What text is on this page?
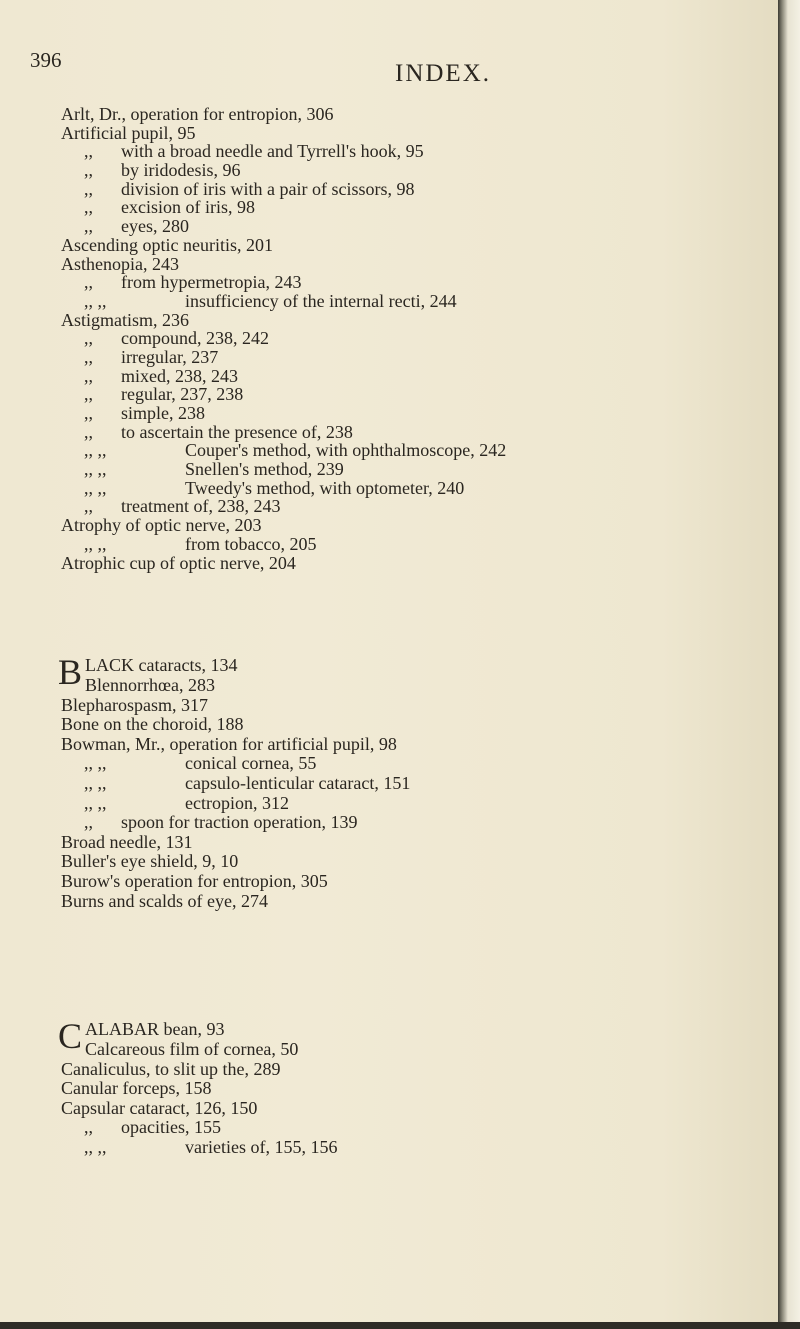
396	INDEX.
Arlt, Dr., operation for entropion, 306
Artificial pupil, 95
,, with a broad needle and Tyrrell's hook, 95
,, by iridodesis, 96
,, division of iris with a pair of scissors, 98
,, excision of iris, 98
,, eyes, 280
Ascending optic neuritis, 201
Asthenopia, 243
,, from hypermetropia, 243
,, ,,	insufficiency of the internal recti, 244
Astigmatism, 236
,, compound, 238, 242
,, irregular, 237
,, mixed, 238, 243
,, regular, 237, 238
,, simple, 238
,, to ascertain the presence of, 238
,, ,,	Couper's method, with ophthalmoscope, 242
,, ,,	Snellen's method, 239
,, ,,	Tweedy's method, with optometer, 240
,, treatment of, 238, 243
Atrophy of optic nerve, 203
,, ,,	from tobacco, 205
Atrophic cup of optic nerve, 204
B LACK cataracts, 134
Blennorrhœa, 283
Blepharospasm, 317
Bone on the choroid, 188
Bowman, Mr., operation for artificial pupil, 98
,, ,,	conical cornea, 55
,, ,,	capsulo-lenticular cataract, 151
,, ,,	ectropion, 312
,, spoon for traction operation, 139
Broad needle, 131
Buller's eye shield, 9, 10
Burow's operation for entropion, 305
Burns and scalds of eye, 274
C ALABAR bean, 93
Calcareous film of cornea, 50
Canaliculus, to slit up the, 289
Canular forceps, 158
Capsular cataract, 126, 150
,, opacities, 155
,, ,,	varieties of, 155, 156
